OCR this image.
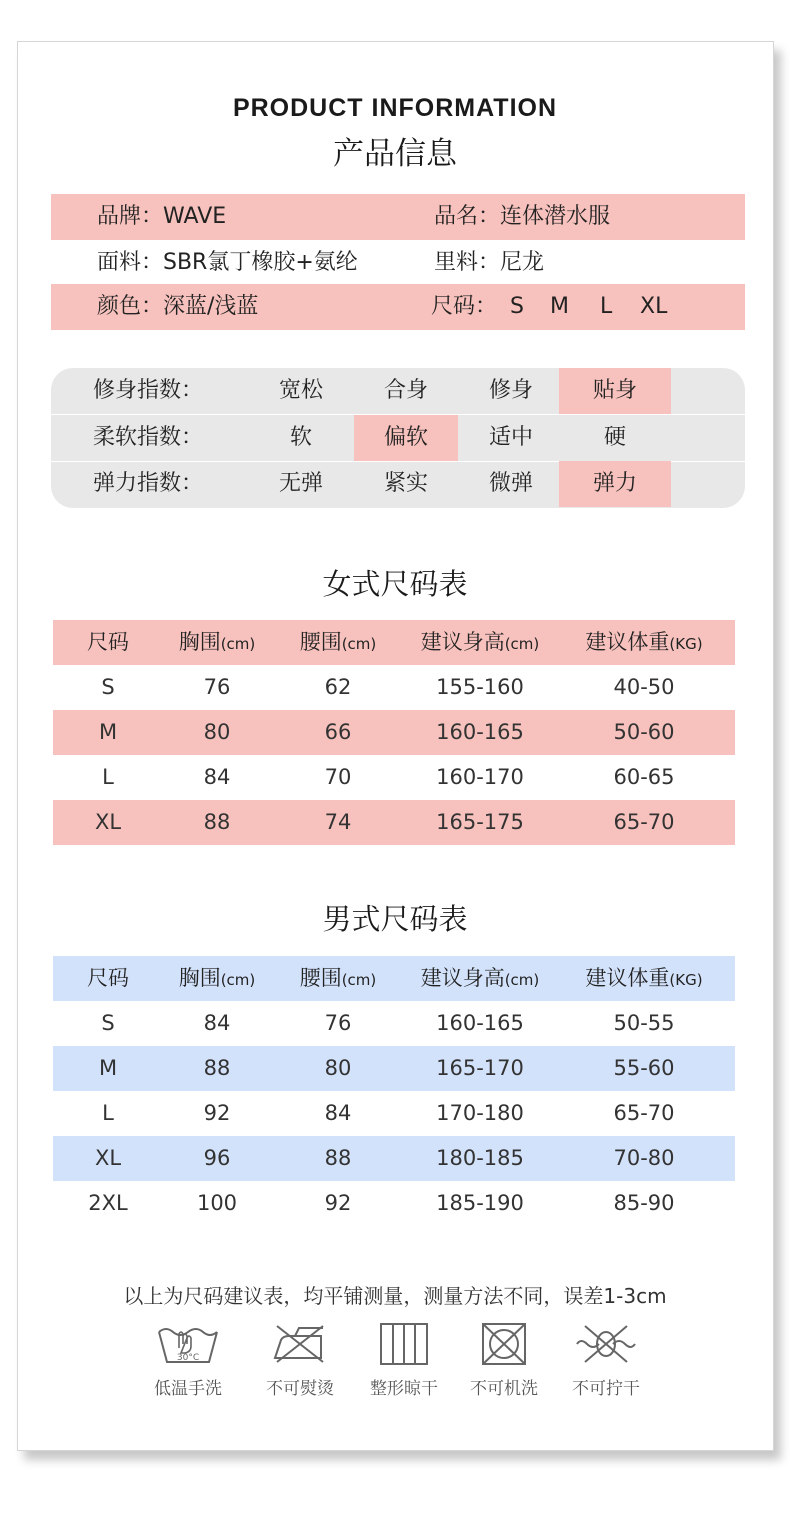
PRODUCT INFORMATION
产品信息
品牌：WAVE	品名：连体潜水服
面料：SBR氯丁橡胶+氨纶	里料：尼龙
颜色：深蓝/浅蓝	尺码： S M L XL
修身指数：	宽松	合身	修身	贴身
柔软指数：	软	偏软	适中	硬
弹力指数：	无弹	紧实	微弹	弹力
女式尺码表
尺码	胸围(cm)	腰围(cm)	建议身高(cm)	建议体重(KG)
S	76	62	155-160	40-50
M	80	66	160-165	50-60
L	84	70	160-170	60-65
XL	88	74	165-175	65-70
男式尺码表
尺码	胸围(cm)	腰围(cm)	建议身高(cm)	建议体重(KG)
S	84	76	160-165	50-55
M	88	80	165-170	55-60
L	92	84	170-180	65-70
XL	96	88	180-185	70-80
2XL	100	92	185-190	85-90
以上为尺码建议表，均平铺测量，测量方法不同，误差1-3cm
30°C
低温手洗	不可熨烫	整形晾干	不可机洗	不可拧干
